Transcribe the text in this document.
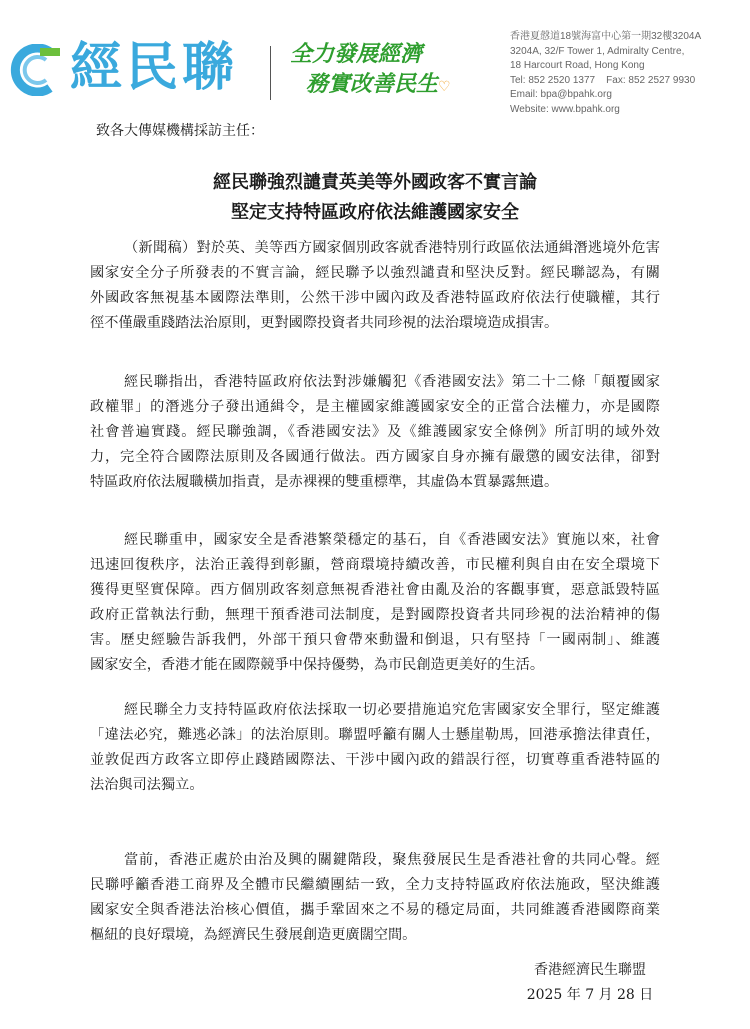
經民聯 全力發展經濟
務實改善民生♡
香港夏慤道18號海富中心第一期32樓3204A
3204A, 32/F Tower 1, Admiralty Centre,
18 Harcourt Road, Hong Kong
Tel: 852 2520 1377    Fax: 852 2527 9930
Email: bpa@bpahk.org
Website: www.bpahk.org
致各大傳媒機構採訪主任：
經民聯強烈譴責英美等外國政客不實言論
堅定支持特區政府依法維護國家安全
（新聞稿）對於英、美等西方國家個別政客就香港特別行政區依法通緝潛逃境外危害
國家安全分子所發表的不實言論，經民聯予以強烈譴責和堅決反對。經民聯認為，有關
外國政客無視基本國際法準則，公然干涉中國內政及香港特區政府依法行使職權，其行
徑不僅嚴重踐踏法治原則，更對國際投資者共同珍視的法治環境造成損害。
經民聯指出，香港特區政府依法對涉嫌觸犯《香港國安法》第二十二條「顛覆國家
政權罪」的潛逃分子發出通緝令，是主權國家維護國家安全的正當合法權力，亦是國際
社會普遍實踐。經民聯強調，《香港國安法》及《維護國家安全條例》所訂明的域外效
力，完全符合國際法原則及各國通行做法。西方國家自身亦擁有嚴懲的國安法律，卻對
特區政府依法履職橫加指責，是赤裸裸的雙重標準，其虛偽本質暴露無遺。
經民聯重申，國家安全是香港繁榮穩定的基石，自《香港國安法》實施以來，社會
迅速回復秩序，法治正義得到彰顯，營商環境持續改善，市民權利與自由在安全環境下
獲得更堅實保障。西方個別政客刻意無視香港社會由亂及治的客觀事實，惡意詆毀特區
政府正當執法行動，無理干預香港司法制度，是對國際投資者共同珍視的法治精神的傷
害。歷史經驗告訴我們，外部干預只會帶來動盪和倒退，只有堅持「一國兩制」、維護
國家安全，香港才能在國際競爭中保持優勢，為市民創造更美好的生活。
經民聯全力支持特區政府依法採取一切必要措施追究危害國家安全罪行，堅定維護
「違法必究，難逃必誅」的法治原則。聯盟呼籲有關人士懸崖勒馬，回港承擔法律責任，
並敦促西方政客立即停止踐踏國際法、干涉中國內政的錯誤行徑，切實尊重香港特區的
法治與司法獨立。
當前，香港正處於由治及興的關鍵階段，聚焦發展民生是香港社會的共同心聲。經
民聯呼籲香港工商界及全體市民繼續團結一致，全力支持特區政府依法施政，堅決維護
國家安全與香港法治核心價值，攜手鞏固來之不易的穩定局面，共同維護香港國際商業
樞紐的良好環境，為經濟民生發展創造更廣闊空間。
香港經濟民生聯盟
2025 年 7 月 28 日
